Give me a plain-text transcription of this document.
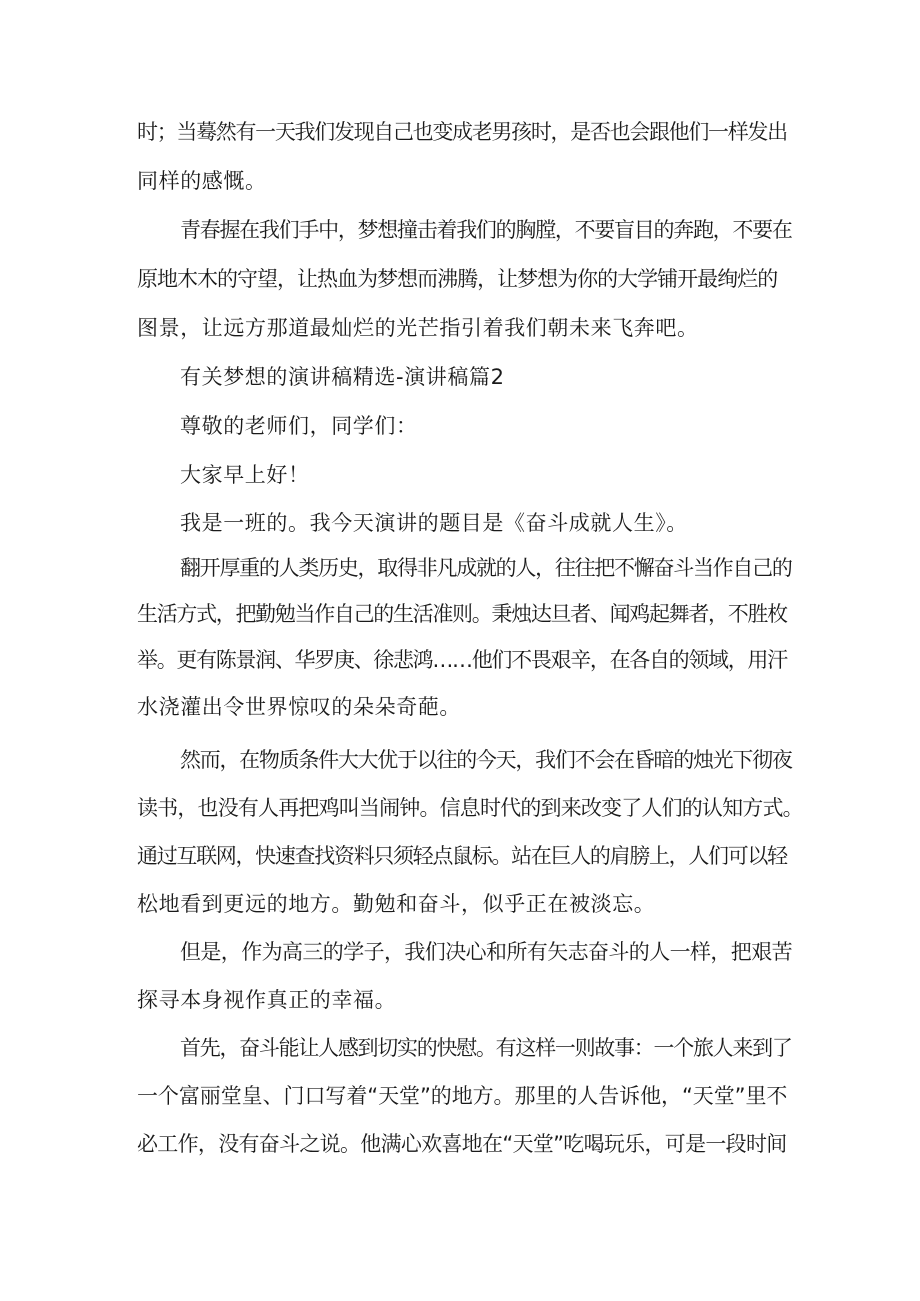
时；当蓦然有一天我们发现自己也变成老男孩时，是否也会跟他们一样发出
同样的感慨。
青春握在我们手中，梦想撞击着我们的胸膛，不要盲目的奔跑，不要在
原地木木的守望，让热血为梦想而沸腾，让梦想为你的大学铺开最绚烂的
图景，让远方那道最灿烂的光芒指引着我们朝未来飞奔吧。
有关梦想的演讲稿精选-演讲稿篇2
尊敬的老师们，同学们：
大家早上好！
我是一班的。我今天演讲的题目是《奋斗成就人生》。
翻开厚重的人类历史，取得非凡成就的人，往往把不懈奋斗当作自己的
生活方式，把勤勉当作自己的生活准则。秉烛达旦者、闻鸡起舞者，不胜枚
举。更有陈景润、华罗庚、徐悲鸿……他们不畏艰辛，在各自的领域，用汗
水浇灌出令世界惊叹的朵朵奇葩。
然而，在物质条件大大优于以往的今天，我们不会在昏暗的烛光下彻夜
读书，也没有人再把鸡叫当闹钟。信息时代的到来改变了人们的认知方式。
通过互联网，快速查找资料只须轻点鼠标。站在巨人的肩膀上，人们可以轻
松地看到更远的地方。勤勉和奋斗，似乎正在被淡忘。
但是，作为高三的学子，我们决心和所有矢志奋斗的人一样，把艰苦
探寻本身视作真正的幸福。
首先，奋斗能让人感到切实的快慰。有这样一则故事：一个旅人来到了
一个富丽堂皇、门口写着“天堂”的地方。那里的人告诉他，“天堂”里不
必工作，没有奋斗之说。他满心欢喜地在“天堂”吃喝玩乐，可是一段时间
